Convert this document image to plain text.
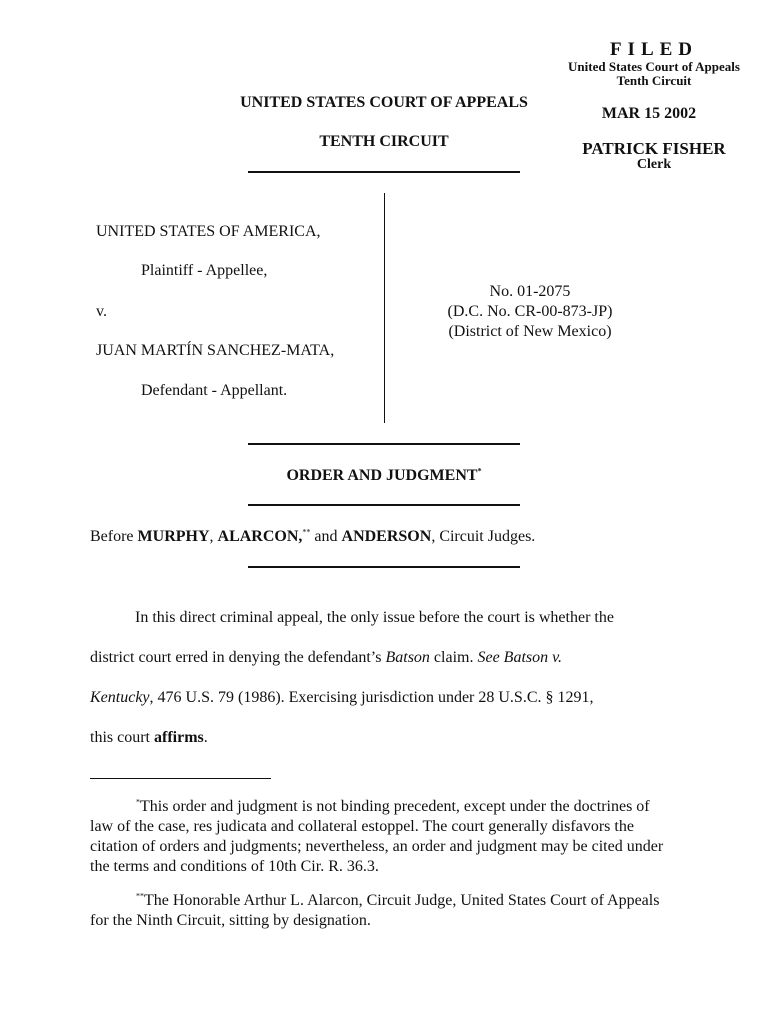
FILED
United States Court of Appeals
Tenth Circuit
MAR 15 2002
PATRICK FISHER
Clerk
UNITED STATES COURT OF APPEALS
TENTH CIRCUIT
UNITED STATES OF AMERICA,
Plaintiff - Appellee,
v.
JUAN MARTÍN SANCHEZ-MATA,
Defendant - Appellant.
No. 01-2075
(D.C. No. CR-00-873-JP)
(District of New Mexico)
ORDER AND JUDGMENT*
Before MURPHY, ALARCON,** and ANDERSON, Circuit Judges.
In this direct criminal appeal, the only issue before the court is whether the
district court erred in denying the defendant’s Batson claim. See Batson v.
Kentucky, 476 U.S. 79 (1986). Exercising jurisdiction under 28 U.S.C. § 1291,
this court affirms.
*This order and judgment is not binding precedent, except under the doctrines of law of the case, res judicata and collateral estoppel. The court generally disfavors the citation of orders and judgments; nevertheless, an order and judgment may be cited under the terms and conditions of 10th Cir. R. 36.3.
**The Honorable Arthur L. Alarcon, Circuit Judge, United States Court of Appeals for the Ninth Circuit, sitting by designation.
